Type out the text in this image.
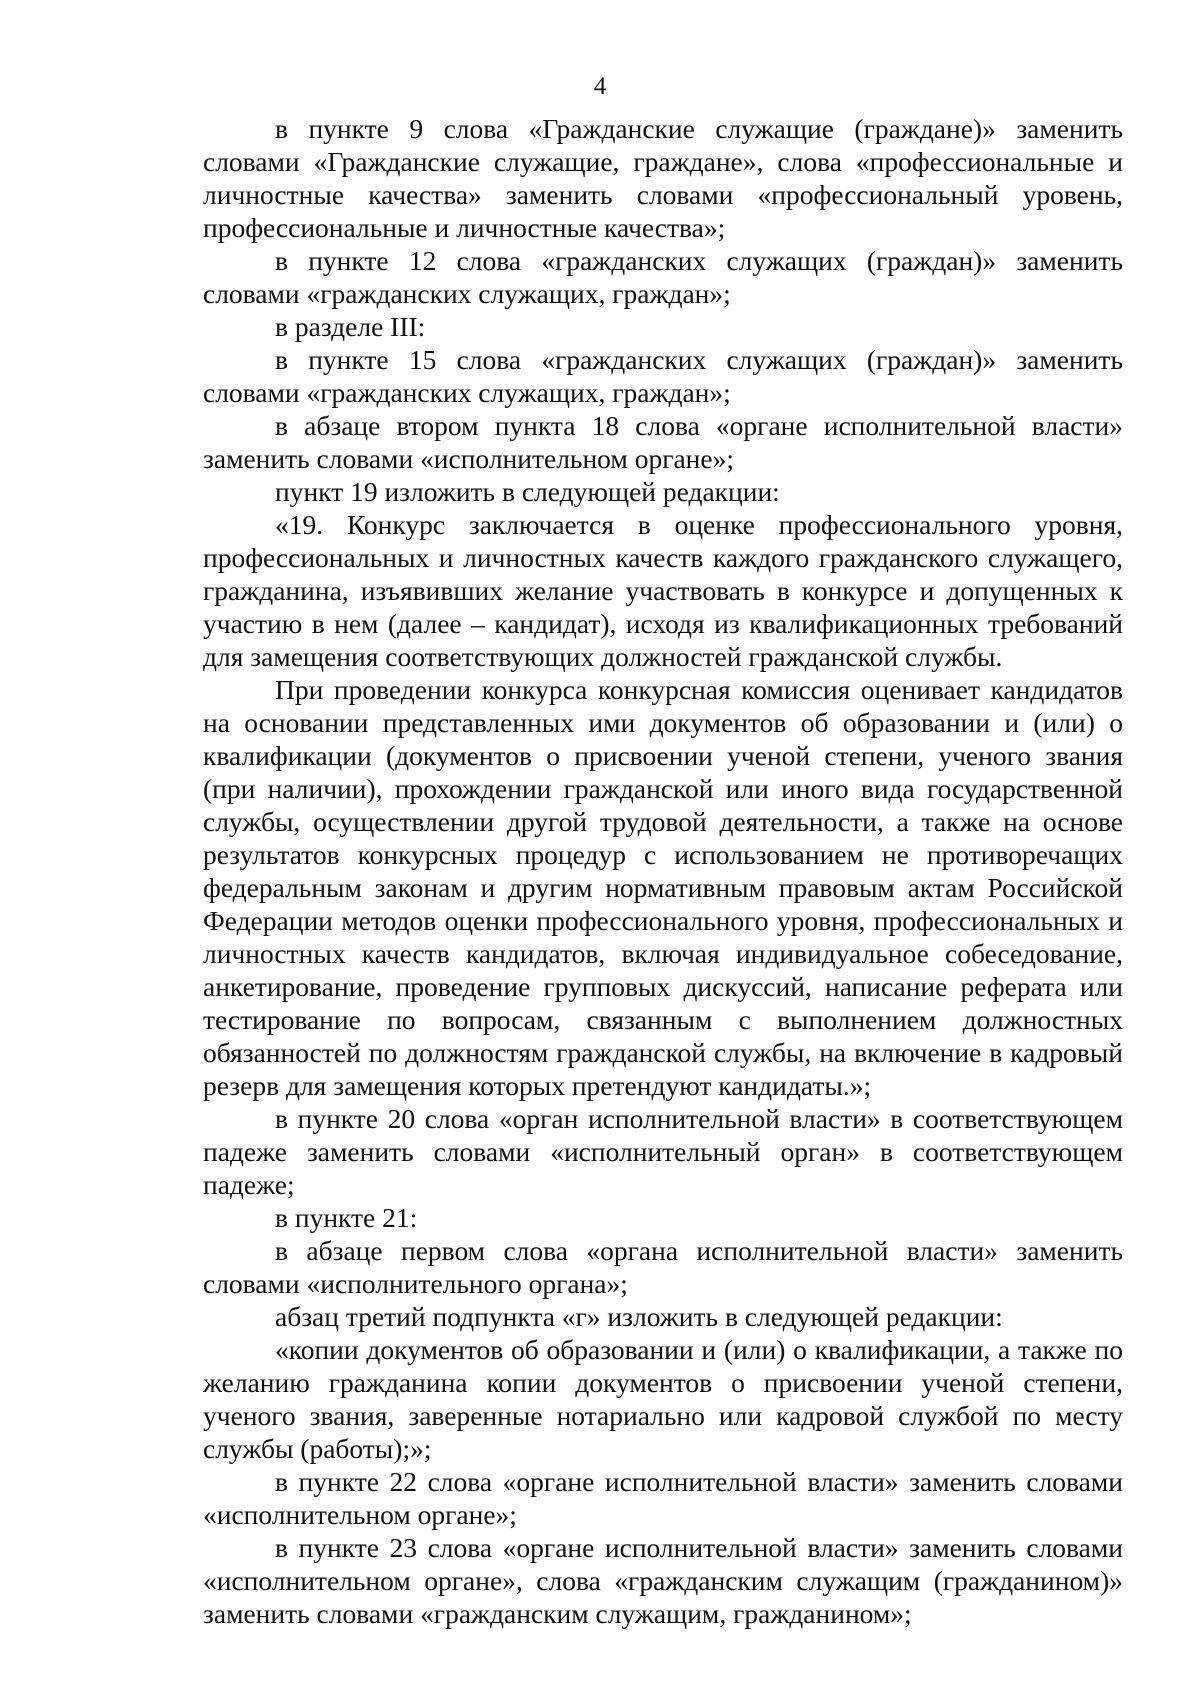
4

в пункте 9 слова «Гражданские служащие (граждане)» заменить словами «Гражданские служащие, граждане», слова «профессиональные и личностные качества» заменить словами «профессиональный уровень, профессиональные и личностные качества»;

в пункте 12 слова «гражданских служащих (граждан)» заменить словами «гражданских служащих, граждан»;

в разделе III:

в пункте 15 слова «гражданских служащих (граждан)» заменить словами «гражданских служащих, граждан»;

в абзаце втором пункта 18 слова «органе исполнительной власти» заменить словами «исполнительном органе»;

пункт 19 изложить в следующей редакции:

«19. Конкурс заключается в оценке профессионального уровня, профессиональных и личностных качеств каждого гражданского служащего, гражданина, изъявивших желание участвовать в конкурсе и допущенных к участию в нем (далее – кандидат), исходя из квалификационных требований для замещения соответствующих должностей гражданской службы.

При проведении конкурса конкурсная комиссия оценивает кандидатов на основании представленных ими документов об образовании и (или) о квалификации (документов о присвоении ученой степени, ученого звания (при наличии), прохождении гражданской или иного вида государственной службы, осуществлении другой трудовой деятельности, а также на основе результатов конкурсных процедур с использованием не противоречащих федеральным законам и другим нормативным правовым актам Российской Федерации методов оценки профессионального уровня, профессиональных и личностных качеств кандидатов, включая индивидуальное собеседование, анкетирование, проведение групповых дискуссий, написание реферата или тестирование по вопросам, связанным с выполнением должностных обязанностей по должностям гражданской службы, на включение в кадровый резерв для замещения которых претендуют кандидаты.»;

в пункте 20 слова «орган исполнительной власти» в соответствующем падеже заменить словами «исполнительный орган» в соответствующем падеже;

в пункте 21:

в абзаце первом слова «органа исполнительной власти» заменить словами «исполнительного органа»;

абзац третий подпункта «г» изложить в следующей редакции:

«копии документов об образовании и (или) о квалификации, а также по желанию гражданина копии документов о присвоении ученой степени, ученого звания, заверенные нотариально или кадровой службой по месту службы (работы);»;

в пункте 22 слова «органе исполнительной власти» заменить словами «исполнительном органе»;

в пункте 23 слова «органе исполнительной власти» заменить словами «исполнительном органе», слова «гражданским служащим (гражданином)» заменить словами «гражданским служащим, гражданином»;
